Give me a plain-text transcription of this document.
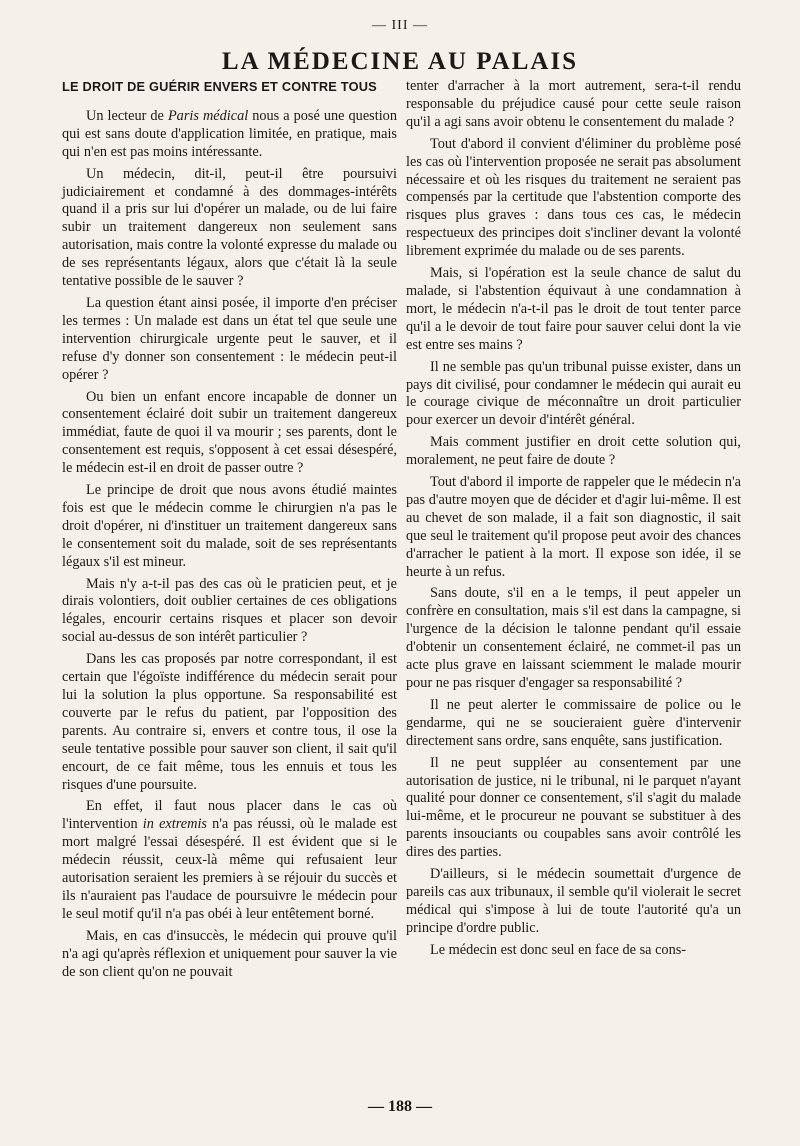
— III —
LA MÉDECINE AU PALAIS
LE DROIT DE GUÉRIR ENVERS ET CONTRE TOUS

Un lecteur de Paris médical nous a posé une question qui est sans doute d'application limitée, en pratique, mais qui n'en est pas moins intéressante.

Un médecin, dit-il, peut-il être poursuivi judiciairement et condamné à des dommages-intérêts quand il a pris sur lui d'opérer un malade, ou de lui faire subir un traitement dangereux non seulement sans autorisation, mais contre la volonté expresse du malade ou de ses représentants légaux, alors que c'était là la seule tentative possible de le sauver ?

La question étant ainsi posée, il importe d'en préciser les termes : Un malade est dans un état tel que seule une intervention chirurgicale urgente peut le sauver, et il refuse d'y donner son consentement : le médecin peut-il opérer ?

Ou bien un enfant encore incapable de donner un consentement éclairé doit subir un traitement dangereux immédiat, faute de quoi il va mourir ; ses parents, dont le consentement est requis, s'opposent à cet essai désespéré, le médecin est-il en droit de passer outre ?

Le principe de droit que nous avons étudié maintes fois est que le médecin comme le chirurgien n'a pas le droit d'opérer, ni d'instituer un traitement dangereux sans le consentement soit du malade, soit de ses représentants légaux s'il est mineur.

Mais n'y a-t-il pas des cas où le praticien peut, et je dirais volontiers, doit oublier certaines de ces obligations légales, encourir certains risques et placer son devoir social au-dessus de son intérêt particulier ?

Dans les cas proposés par notre correspondant, il est certain que l'égoïste indifférence du médecin serait pour lui la solution la plus opportune. Sa responsabilité est couverte par le refus du patient, par l'opposition des parents. Au contraire si, envers et contre tous, il ose la seule tentative possible pour sauver son client, il sait qu'il encourt, de ce fait même, tous les ennuis et tous les risques d'une poursuite.

En effet, il faut nous placer dans le cas où l'intervention in extremis n'a pas réussi, où le malade est mort malgré l'essai désespéré. Il est évident que si le médecin réussit, ceux-là même qui refusaient leur autorisation seraient les premiers à se réjouir du succès et ils n'auraient pas l'audace de poursuivre le médecin pour le seul motif qu'il n'a pas obéi à leur entêtement borné.

Mais, en cas d'insuccès, le médecin qui prouve qu'il n'a agi qu'après réflexion et uniquement pour sauver la vie de son client qu'on ne pouvait

tenter d'arracher à la mort autrement, sera-t-il rendu responsable du préjudice causé pour cette seule raison qu'il a agi sans avoir obtenu le consentement du malade ?

Tout d'abord il convient d'éliminer du problème posé les cas où l'intervention proposée ne serait pas absolument nécessaire et où les risques du traitement ne seraient pas compensés par la certitude que l'abstention comporte des risques plus graves : dans tous ces cas, le médecin respectueux des principes doit s'incliner devant la volonté librement exprimée du malade ou de ses parents.

Mais, si l'opération est la seule chance de salut du malade, si l'abstention équivaut à une condamnation à mort, le médecin n'a-t-il pas le droit de tout tenter parce qu'il a le devoir de tout faire pour sauver celui dont la vie est entre ses mains ?

Il ne semble pas qu'un tribunal puisse exister, dans un pays dit civilisé, pour condamner le médecin qui aurait eu le courage civique de méconnaître un droit particulier pour exercer un devoir d'intérêt général.

Mais comment justifier en droit cette solution qui, moralement, ne peut faire de doute ?

Tout d'abord il importe de rappeler que le médecin n'a pas d'autre moyen que de décider et d'agir lui-même. Il est au chevet de son malade, il a fait son diagnostic, il sait que seul le traitement qu'il propose peut avoir des chances d'arracher le patient à la mort. Il expose son idée, il se heurte à un refus.

Sans doute, s'il en a le temps, il peut appeler un confrère en consultation, mais s'il est dans la campagne, si l'urgence de la décision le talonne pendant qu'il essaie d'obtenir un consentement éclairé, ne commet-il pas un acte plus grave en laissant sciemment le malade mourir pour ne pas risquer d'engager sa responsabilité ?

Il ne peut alerter le commissaire de police ou le gendarme, qui ne se soucieraient guère d'intervenir directement sans ordre, sans enquête, sans justification.

Il ne peut suppléer au consentement par une autorisation de justice, ni le tribunal, ni le parquet n'ayant qualité pour donner ce consentement, s'il s'agit du malade lui-même, et le procureur ne pouvant se substituer à des parents insouciants ou coupables sans avoir contrôlé les dires des parties.

D'ailleurs, si le médecin soumettait d'urgence de pareils cas aux tribunaux, il semble qu'il violerait le secret médical qui s'impose à lui de toute l'autorité qu'a un principe d'ordre public.

Le médecin est donc seul en face de sa cons-

— 188 —
